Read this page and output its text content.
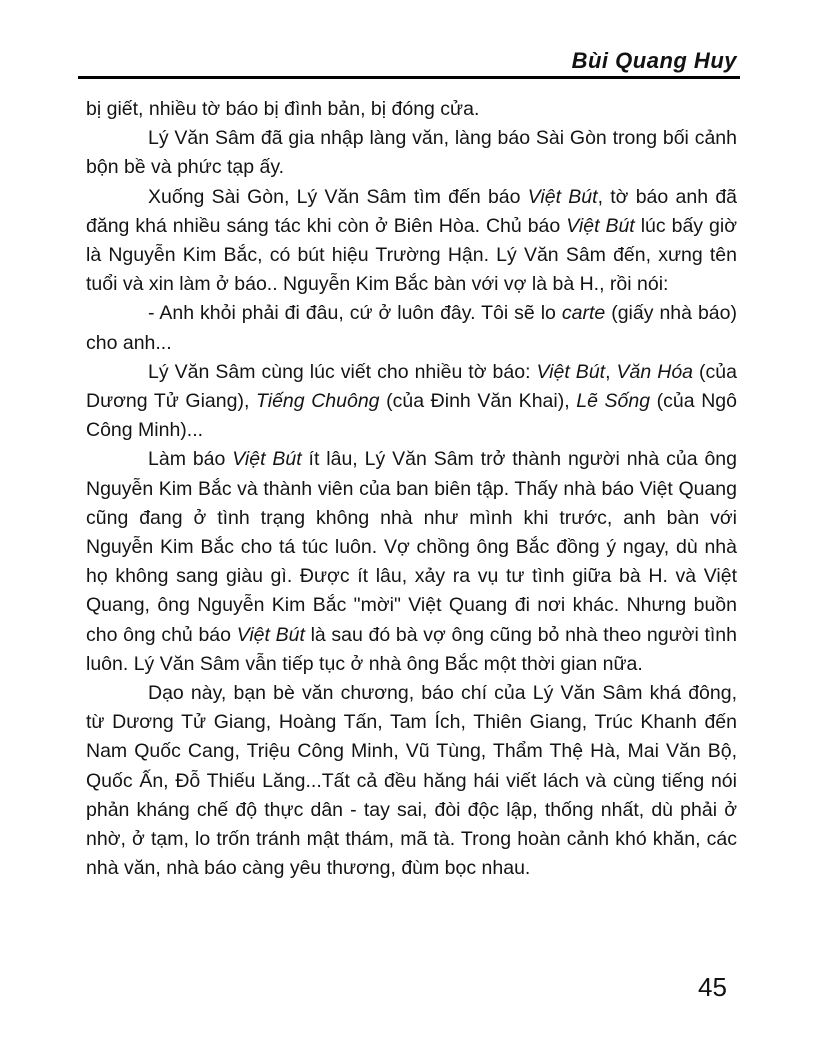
Bùi Quang Huy

bị giết, nhiều tờ báo bị đình bản, bị đóng cửa.

Lý Văn Sâm đã gia nhập làng văn, làng báo Sài Gòn trong bối cảnh bộn bề và phức tạp ấy.

Xuống Sài Gòn, Lý Văn Sâm tìm đến báo Việt Bút, tờ báo anh đã đăng khá nhiều sáng tác khi còn ở Biên Hòa. Chủ báo Việt Bút lúc bấy giờ là Nguyễn Kim Bắc, có bút hiệu Trường Hận. Lý Văn Sâm đến, xưng tên tuổi và xin làm ở báo.. Nguyễn Kim Bắc bàn với vợ là bà H., rồi nói:

- Anh khỏi phải đi đâu, cứ ở luôn đây. Tôi sẽ lo carte (giấy nhà báo) cho anh...

Lý Văn Sâm cùng lúc viết cho nhiều tờ báo: Việt Bút, Văn Hóa (của Dương Tử Giang), Tiếng Chuông (của Đinh Văn Khai), Lẽ Sống (của Ngô Công Minh)...

Làm báo Việt Bút ít lâu, Lý Văn Sâm trở thành người nhà của ông Nguyễn Kim Bắc và thành viên của ban biên tập. Thấy nhà báo Việt Quang cũng đang ở tình trạng không nhà như mình khi trước, anh bàn với Nguyễn Kim Bắc cho tá túc luôn. Vợ chồng ông Bắc đồng ý ngay, dù nhà họ không sang giàu gì. Được ít lâu, xảy ra vụ tư tình giữa bà H. và Việt Quang, ông Nguyễn Kim Bắc "mời" Việt Quang đi nơi khác. Nhưng buồn cho ông chủ báo Việt Bút là sau đó bà vợ ông cũng bỏ nhà theo người tình luôn. Lý Văn Sâm vẫn tiếp tục ở nhà ông Bắc một thời gian nữa.

Dạo này, bạn bè văn chương, báo chí của Lý Văn Sâm khá đông, từ Dương Tử Giang, Hoàng Tấn, Tam Ích, Thiên Giang, Trúc Khanh đến Nam Quốc Cang, Triệu Công Minh, Vũ Tùng, Thẩm Thệ Hà, Mai Văn Bộ, Quốc Ấn, Đỗ Thiếu Lăng...Tất cả đều hăng hái viết lách và cùng tiếng nói phản kháng chế độ thực dân - tay sai, đòi độc lập, thống nhất, dù phải ở nhờ, ở tạm, lo trốn tránh mật thám, mã tà. Trong hoàn cảnh khó khăn, các nhà văn, nhà báo càng yêu thương, đùm bọc nhau.

45
